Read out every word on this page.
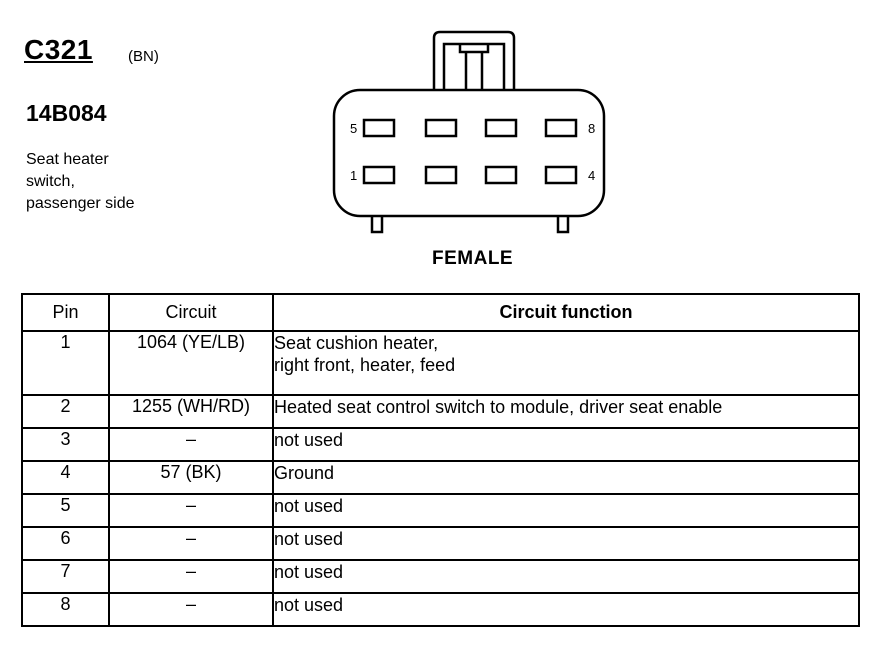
C321 (BN)
14B084
Seat heater
switch,
passenger side
5	8
1	4
FEMALE
Pin	Circuit	Circuit function
1	1064 (YE/LB)	Seat cushion heater,
right front, heater, feed

2	1255 (WH/RD)	Heated seat control switch to module, driver seat enable
3	–	not used
4	57 (BK)	Ground
5	–	not used
6	–	not used
7	–	not used
8	–	not used
